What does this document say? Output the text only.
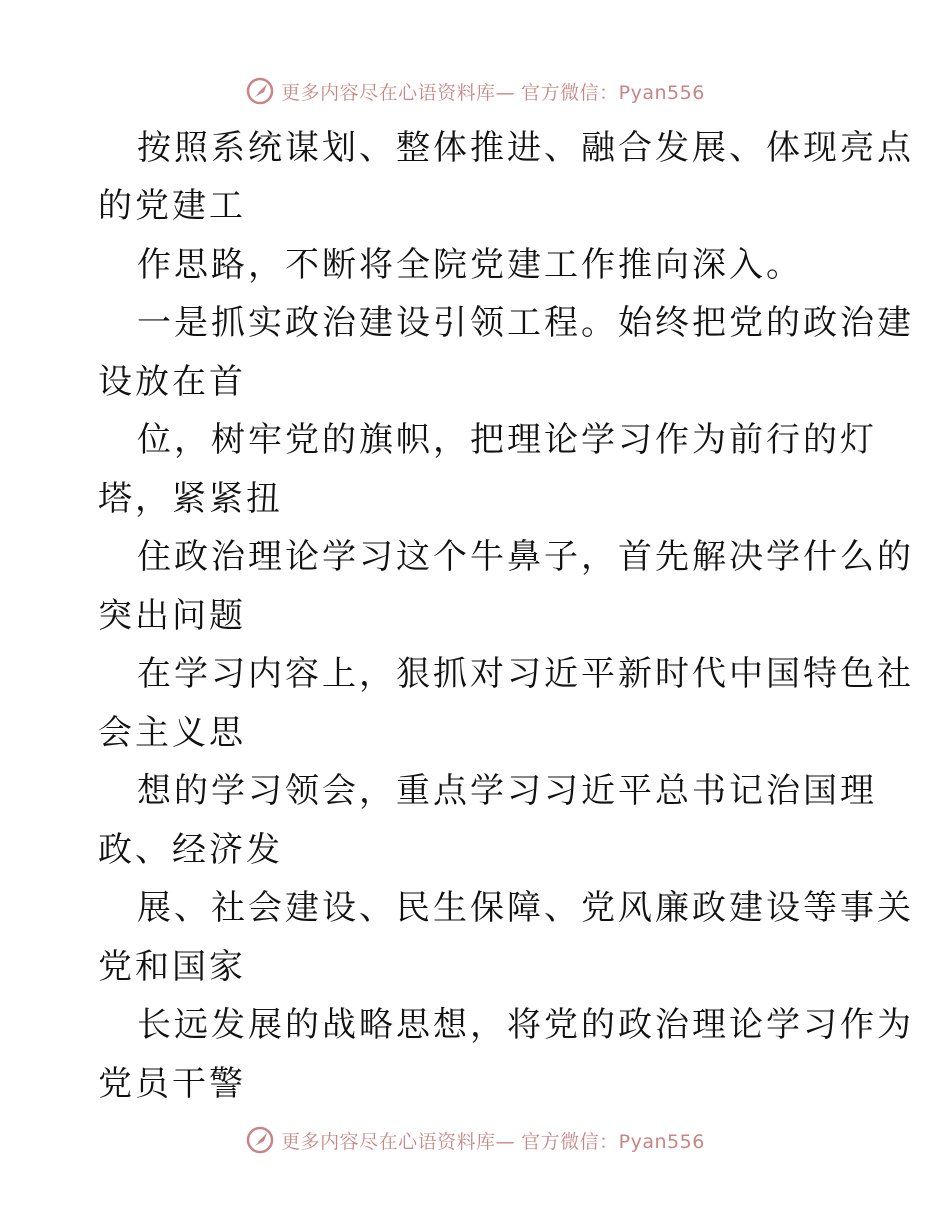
更多内容尽在心语资料库— 官方微信：Pyan556
按照系统谋划、整体推进、融合发展、体现亮点
的党建工
作思路，不断将全院党建工作推向深入。
一是抓实政治建设引领工程。始终把党的政治建
设放在首
位，树牢党的旗帜，把理论学习作为前行的灯
塔，紧紧扭
住政治理论学习这个牛鼻子，首先解决学什么的
突出问题
在学习内容上，狠抓对习近平新时代中国特色社
会主义思
想的学习领会，重点学习习近平总书记治国理
政、经济发
展、社会建设、民生保障、党风廉政建设等事关
党和国家
长远发展的战略思想，将党的政治理论学习作为
党员干警
更多内容尽在心语资料库— 官方微信：Pyan556
